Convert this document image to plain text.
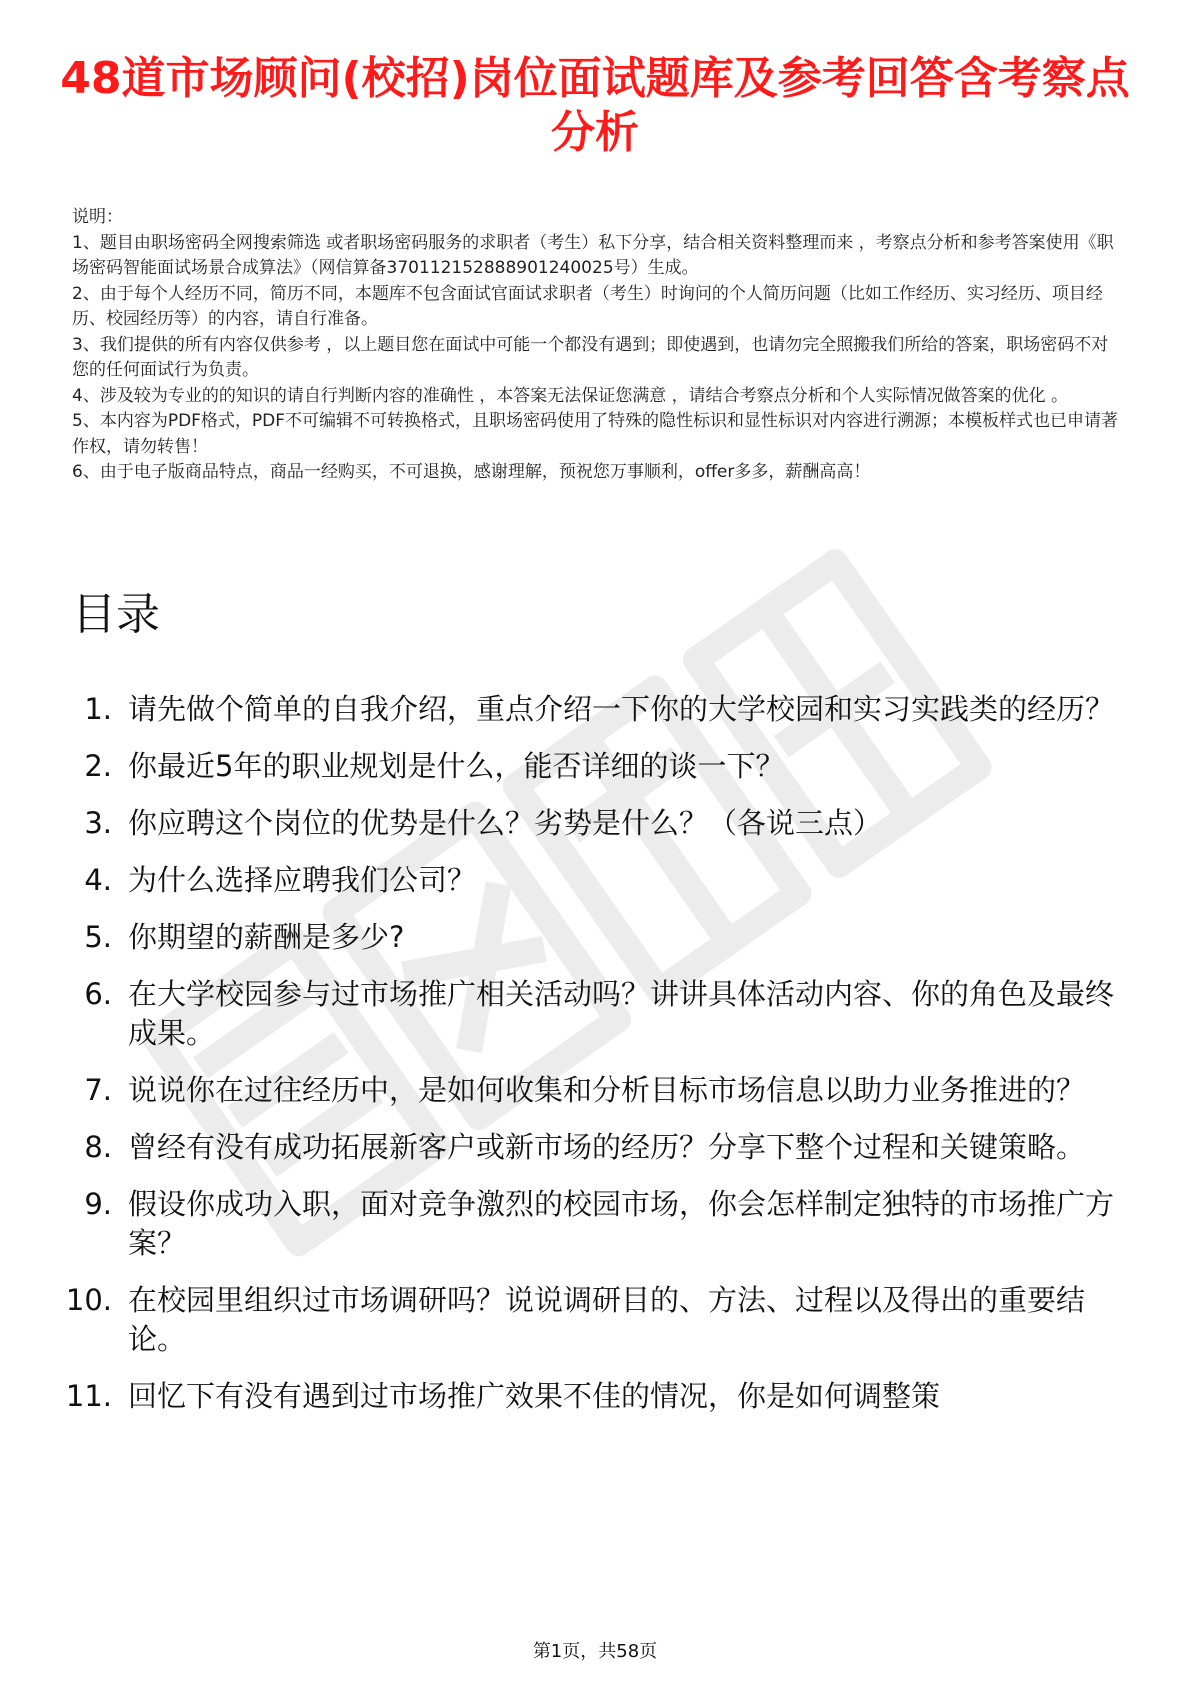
48道市场顾问(校招)岗位面试题库及参考回答含考察点分析

说明：

1、题目由职场密码全网搜索筛选 或者职场密码服务的求职者（考生）私下分享，结合相关资料整理而来 ，考察点分析和参考答案使用《职场密码智能面试场景合成算法》（网信算备370112152888901240025号）生成。

2、由于每个人经历不同，简历不同，本题库不包含面试官面试求职者（考生）时询问的个人简历问题（比如工作经历、实习经历、项目经历、校园经历等）的内容，请自行准备。

3、我们提供的所有内容仅供参考 ，以上题目您在面试中可能一个都没有遇到；即使遇到，也请勿完全照搬我们所给的答案，职场密码不对您的任何面试行为负责。

4、涉及较为专业的的知识的请自行判断内容的准确性 ，本答案无法保证您满意 ，请结合考察点分析和个人实际情况做答案的优化 。

5、本内容为PDF格式，PDF不可编辑不可转换格式，且职场密码使用了特殊的隐性标识和显性标识对内容进行溯源；本模板样式也已申请著作权，请勿转售！

6、由于电子版商品特点，商品一经购买，不可退换，感谢理解，预祝您万事顺利，offer多多，薪酬高高！

目录
1. 请先做个简单的自我介绍，重点介绍一下你的大学校园和实习实践类的经历？
2. 你最近5年的职业规划是什么，能否详细的谈一下？
3. 你应聘这个岗位的优势是什么？劣势是什么？（各说三点）
4. 为什么选择应聘我们公司？
5. 你期望的薪酬是多少?
6. 在大学校园参与过市场推广相关活动吗？讲讲具体活动内容、你的角色及最终成果。
7. 说说你在过往经历中，是如何收集和分析目标市场信息以助力业务推进的？
8. 曾经有没有成功拓展新客户或新市场的经历？分享下整个过程和关键策略。
9. 假设你成功入职，面对竞争激烈的校园市场，你会怎样制定独特的市场推广方案？
10. 在校园里组织过市场调研吗？说说调研目的、方法、过程以及得出的重要结论。
11. 回忆下有没有遇到过市场推广效果不佳的情况，你是如何调整策
第1页，共58页
